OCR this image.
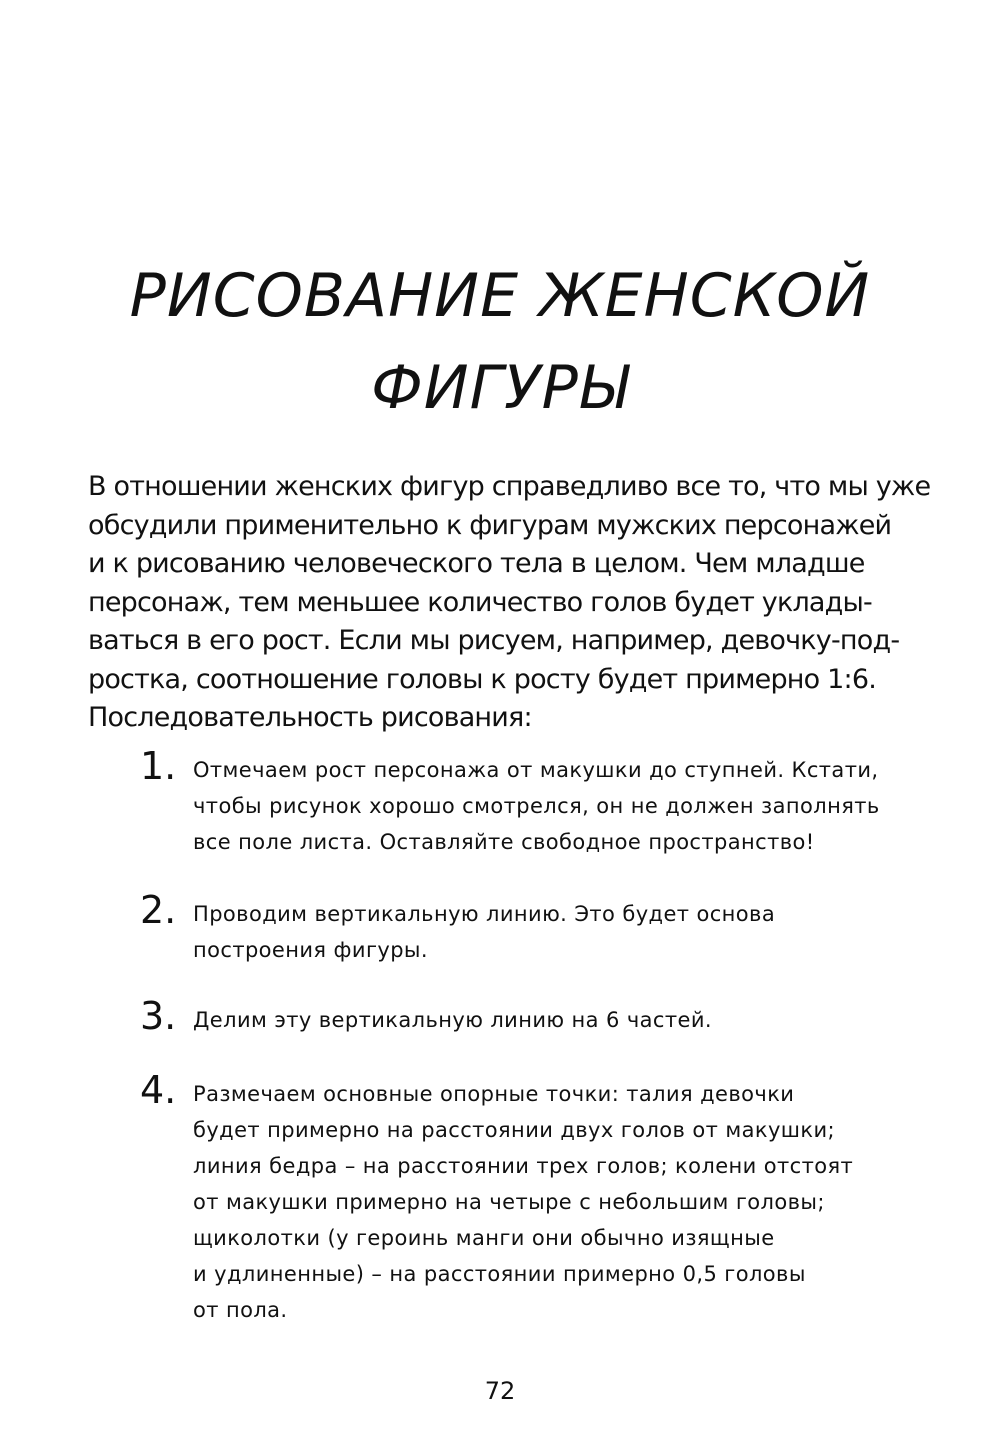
РИСОВАНИЕ ЖЕНСКОЙ
ФИГУРЫ

В отношении женских фигур справедливо все то, что мы уже
обсудили применительно к фигурам мужских персонажей
и к рисованию человеческого тела в целом. Чем младше
персонаж, тем меньшее количество голов будет уклады-
ваться в его рост. Если мы рисуем, например, девочку-под-
ростка, соотношение головы к росту будет примерно 1:6.
Последовательность рисования:

1. Отмечаем рост персонажа от макушки до ступней. Кстати,
чтобы рисунок хорошо смотрелся, он не должен заполнять
все поле листа. Оставляйте свободное пространство!

2. Проводим вертикальную линию. Это будет основа
построения фигуры.

3. Делим эту вертикальную линию на 6 частей.

4. Размечаем основные опорные точки: талия девочки
будет примерно на расстоянии двух голов от макушки;
линия бедра – на расстоянии трех голов; колени отстоят
от макушки примерно на четыре с небольшим головы;
щиколотки (у героинь манги они обычно изящные
и удлиненные) – на расстоянии примерно 0,5 головы
от пола.

72
